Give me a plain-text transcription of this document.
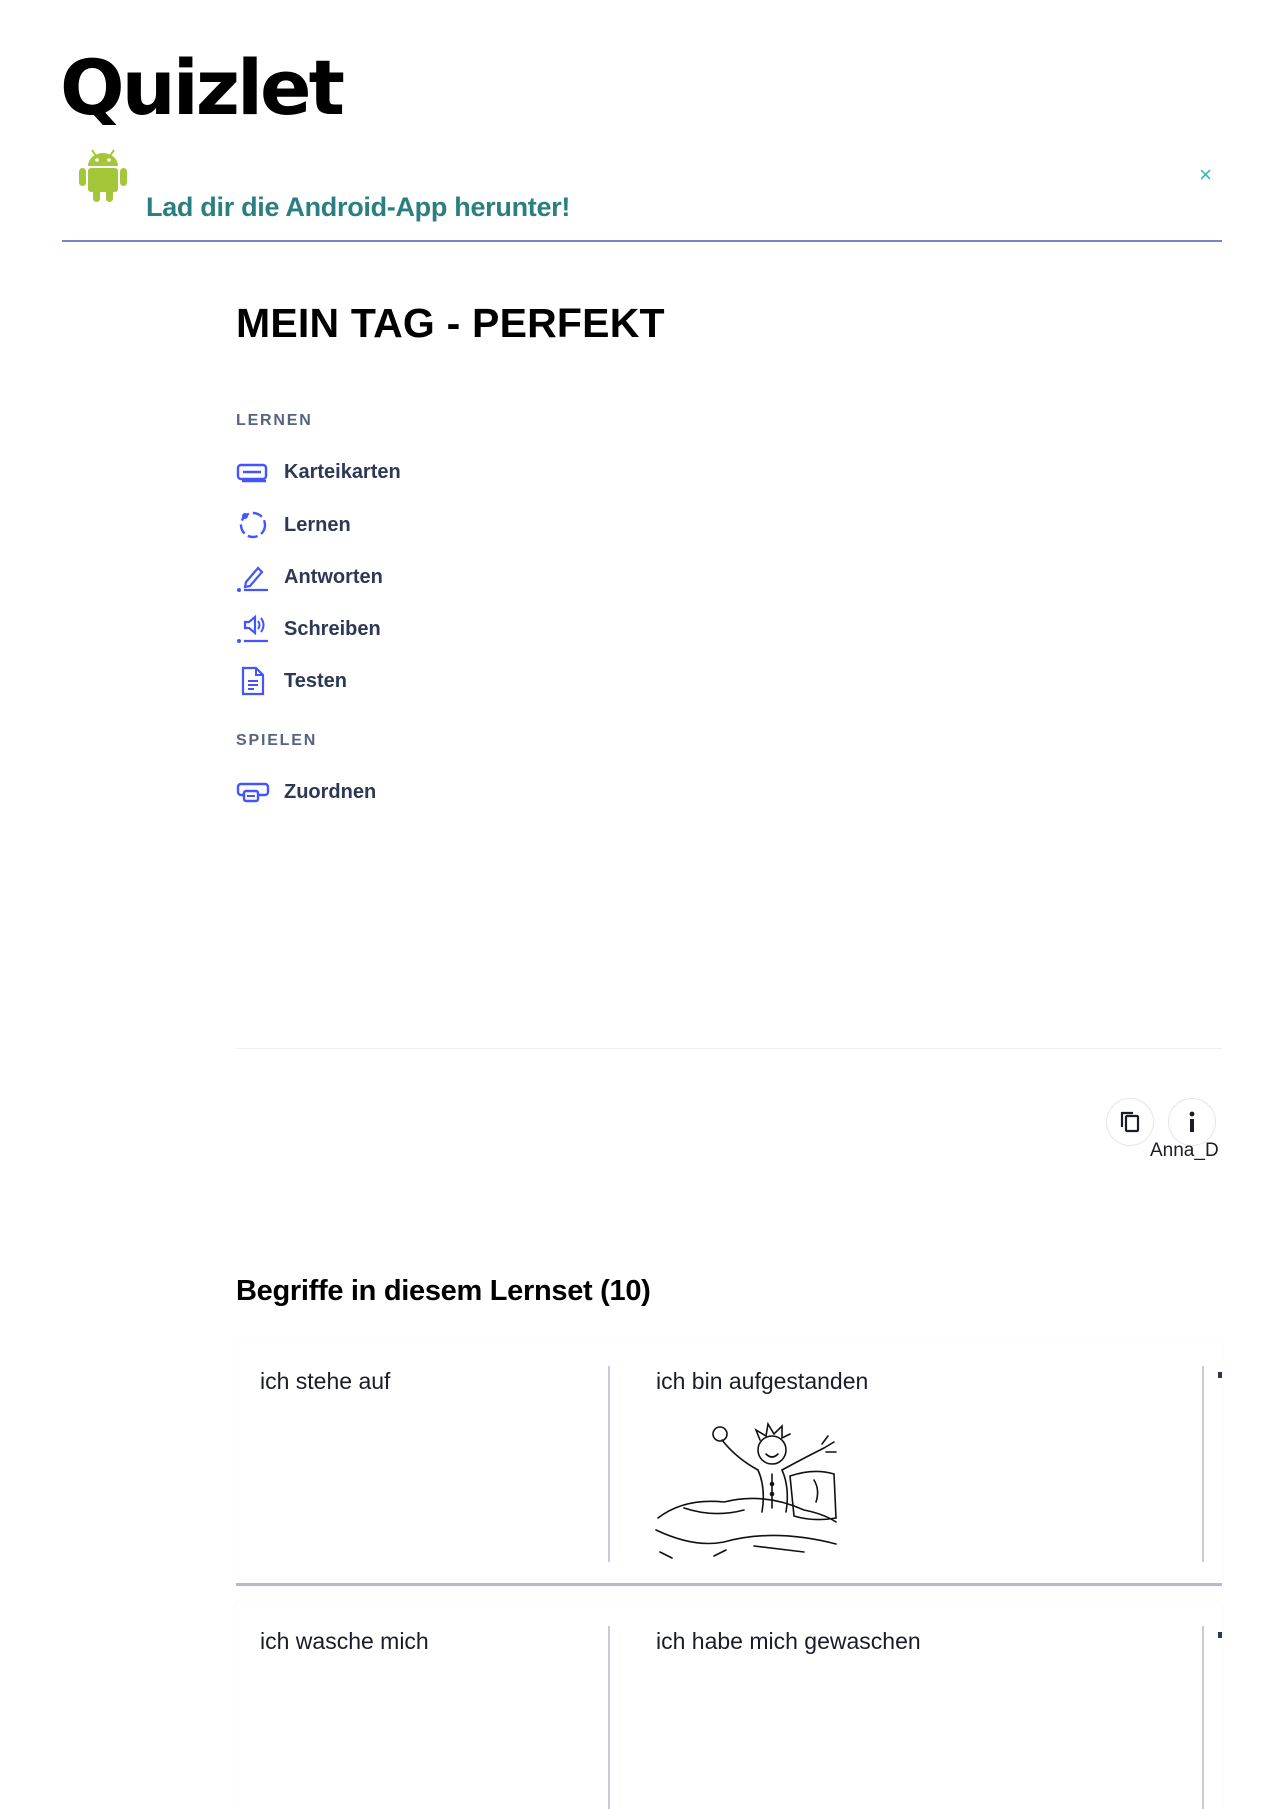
Quizlet
Lad dir die Android-App herunter!
×
MEIN TAG - PERFEKT
LERNEN
Karteikarten
Lernen
Antworten
Schreiben
Testen
SPIELEN
Zuordnen
Anna_D
Begriffe in diesem Lernset (10)
ich stehe auf	ich bin aufgestanden
ich wasche mich	ich habe mich gewaschen
